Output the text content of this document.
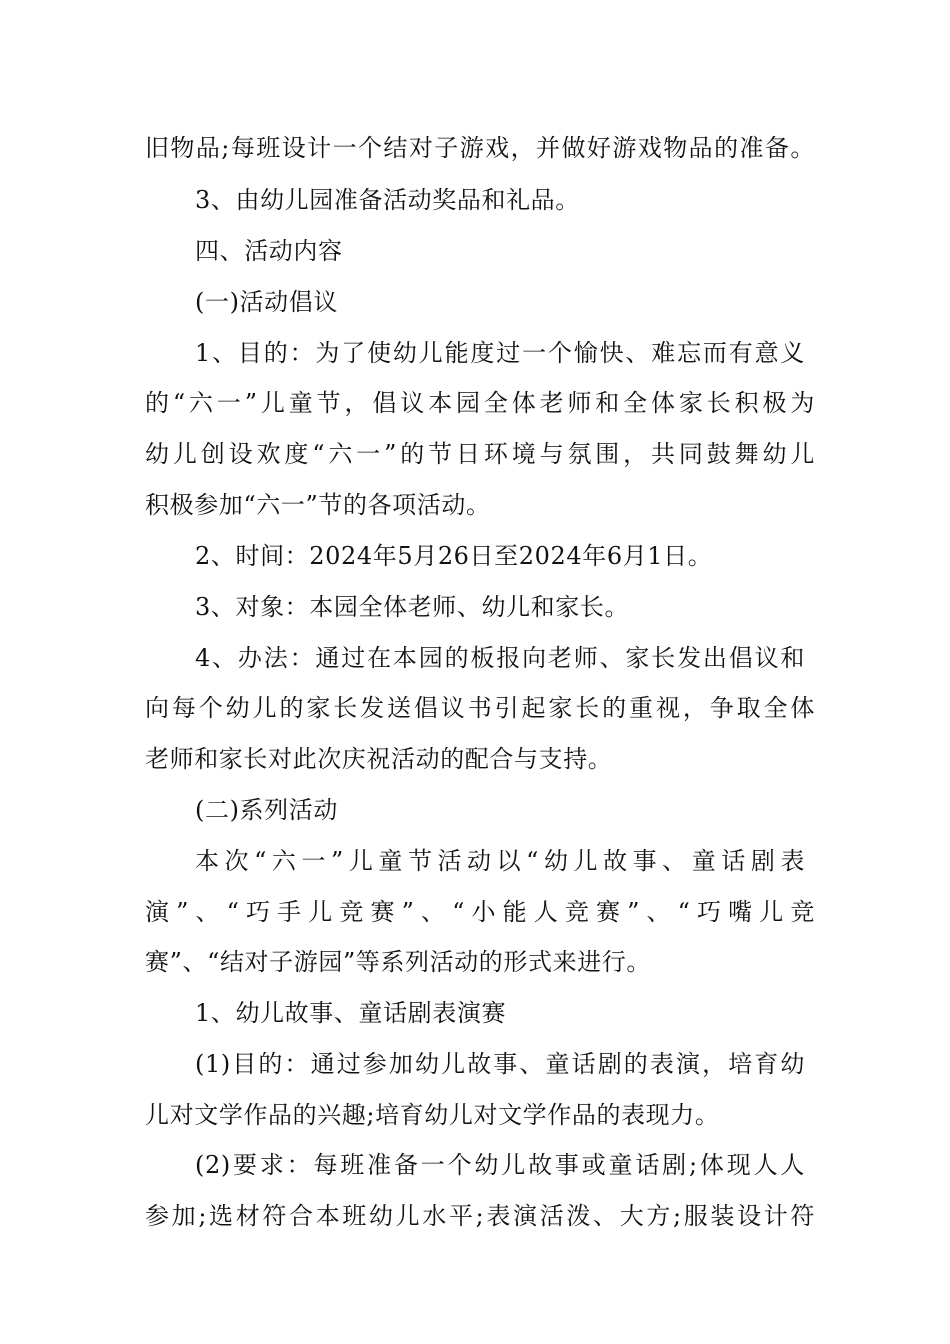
旧物品;每班设计一个结对子游戏，并做好游戏物品的准备。
3、由幼儿园准备活动奖品和礼品。
四、活动内容
(一)活动倡议
1、目的：为了使幼儿能度过一个愉快、难忘而有意义
的“六一”儿童节，倡议本园全体老师和全体家长积极为
幼儿创设欢度“六一”的节日环境与氛围，共同鼓舞幼儿
积极参加“六一”节的各项活动。
2、时间：2024年5月26日至2024年6月1日。
3、对象：本园全体老师、幼儿和家长。
4、办法：通过在本园的板报向老师、家长发出倡议和
向每个幼儿的家长发送倡议书引起家长的重视，争取全体
老师和家长对此次庆祝活动的配合与支持。
(二)系列活动
本次“六一”儿童节活动以“幼儿故事、童话剧表
演”、“巧手儿竞赛”、“小能人竞赛”、“巧嘴儿竞
赛”、“结对子游园”等系列活动的形式来进行。
1、幼儿故事、童话剧表演赛
(1)目的：通过参加幼儿故事、童话剧的表演，培育幼
儿对文学作品的兴趣;培育幼儿对文学作品的表现力。
(2)要求：每班准备一个幼儿故事或童话剧;体现人人
参加;选材符合本班幼儿水平;表演活泼、大方;服装设计符
